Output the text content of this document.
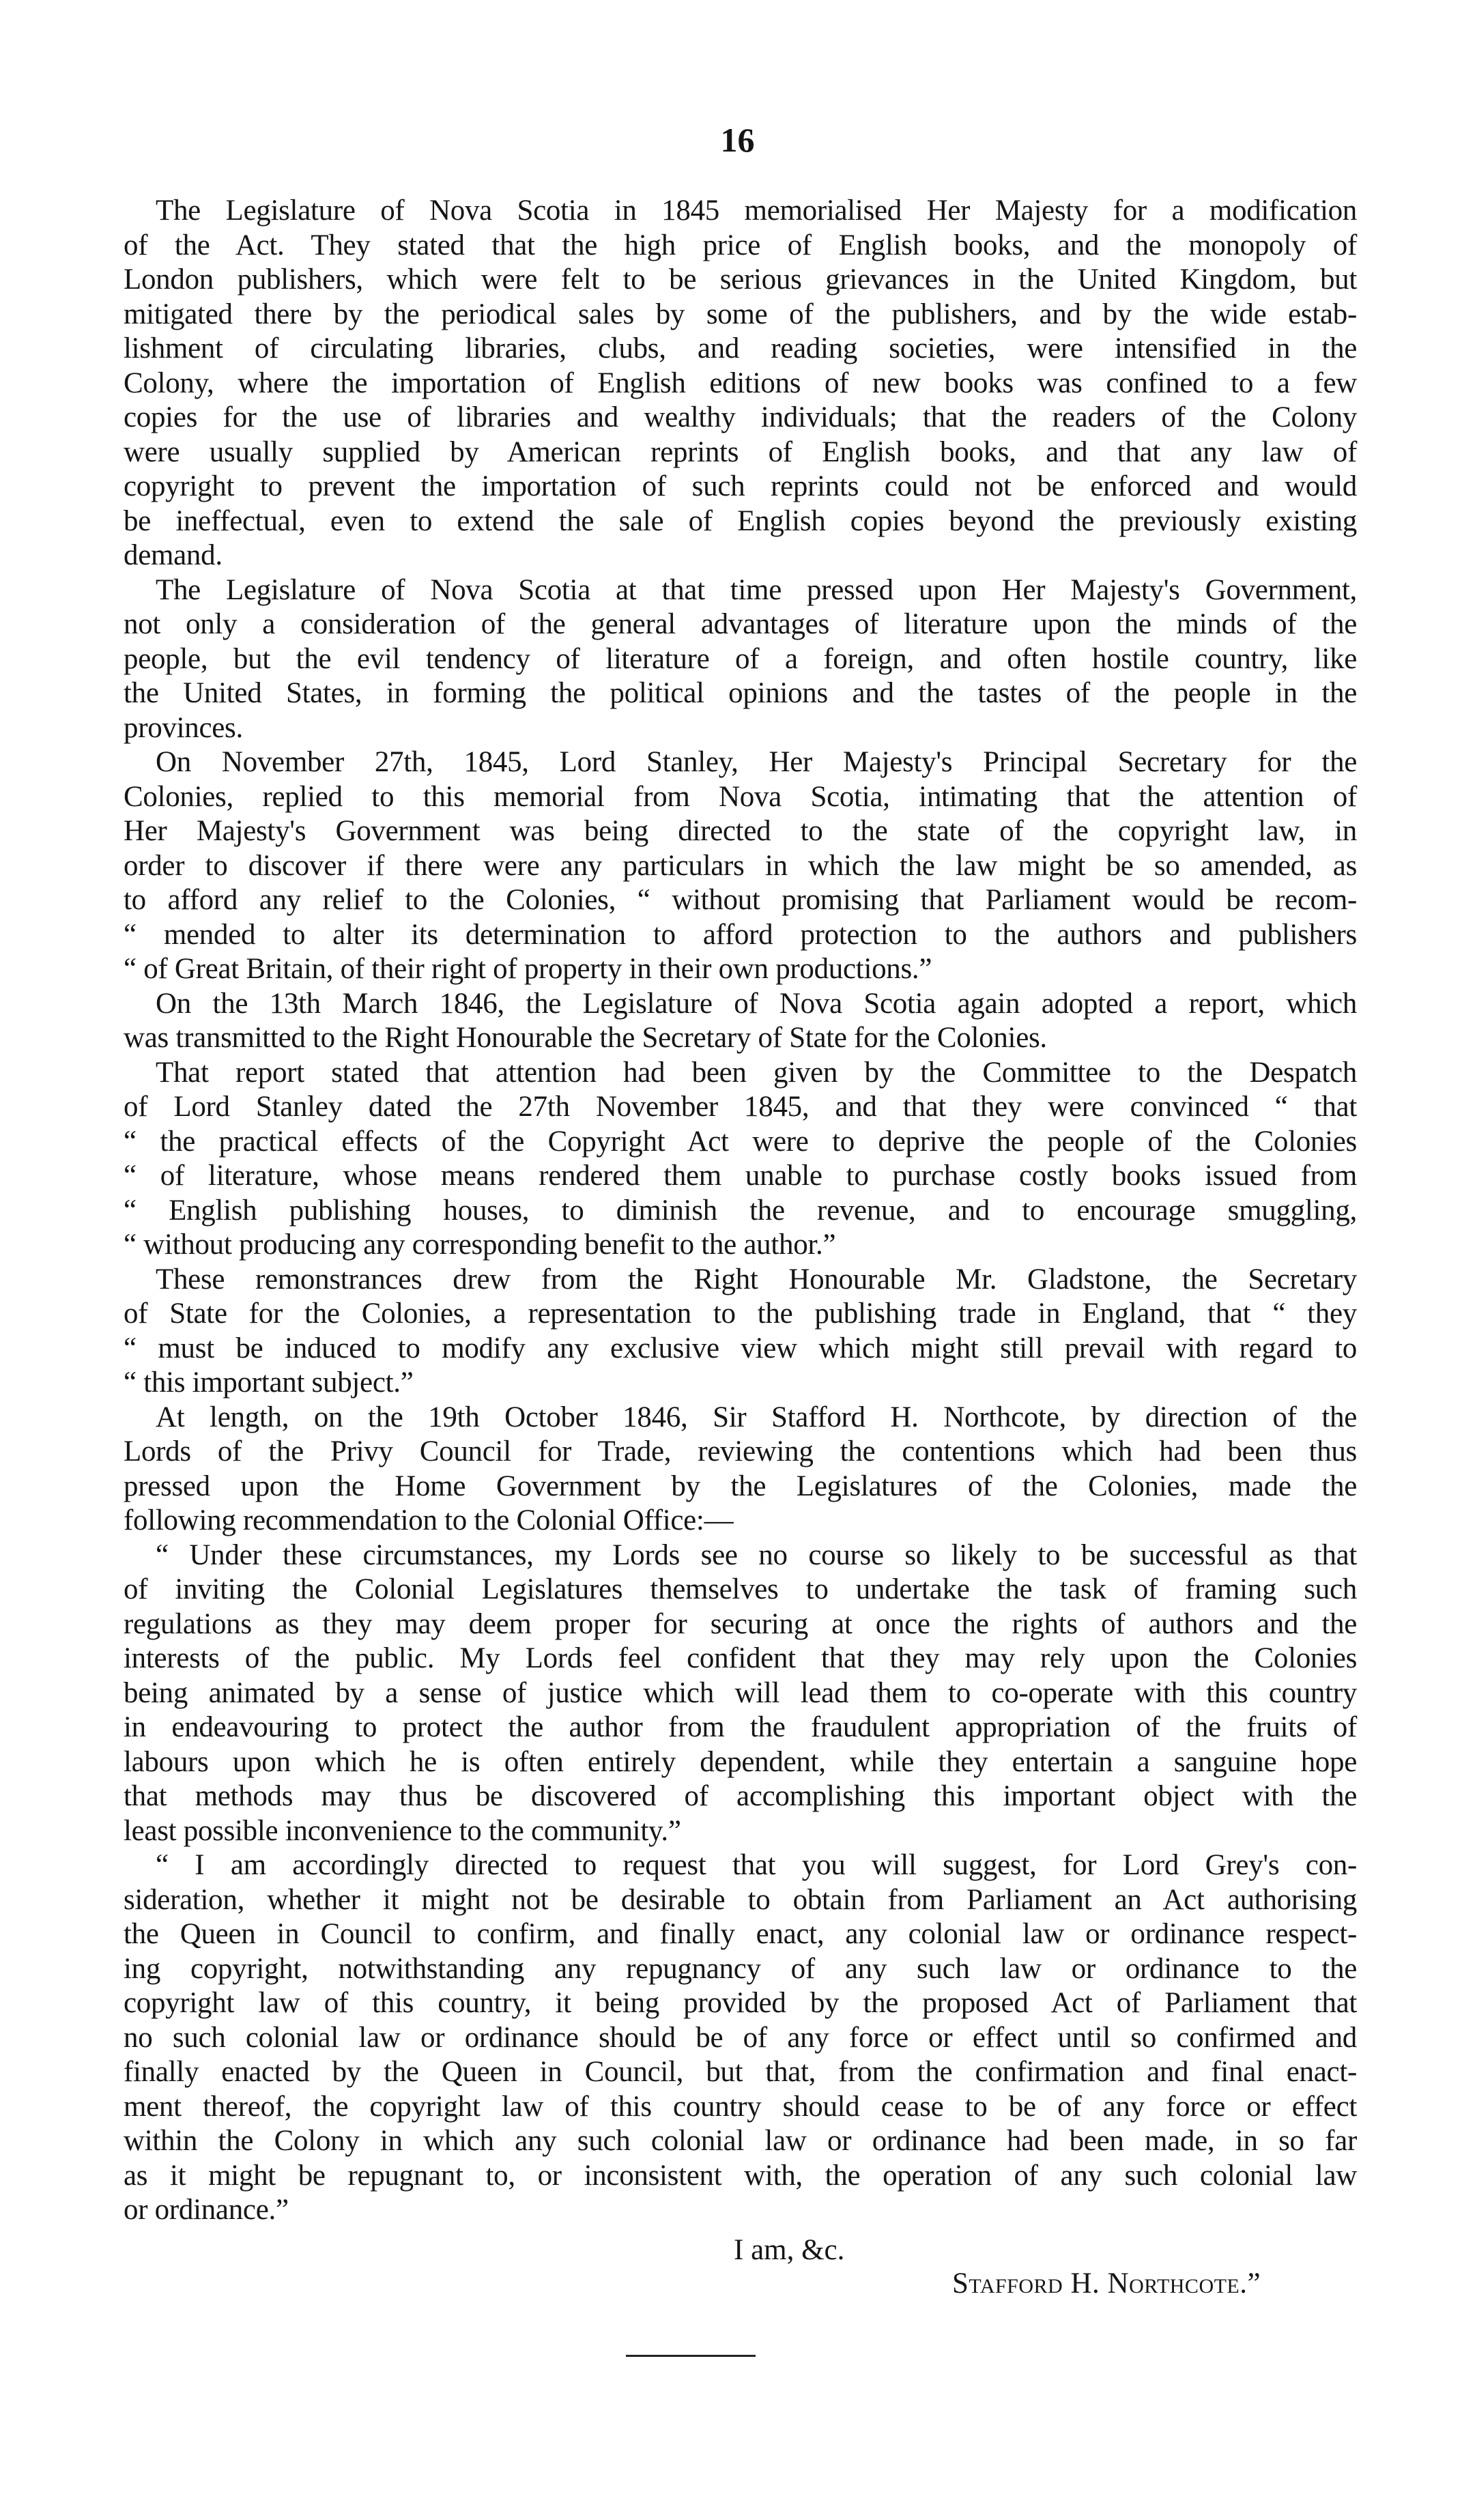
16
The Legislature of Nova Scotia in 1845 memorialised Her Majesty for a modification
of the Act. They stated that the high price of English books, and the monopoly of
London publishers, which were felt to be serious grievances in the United Kingdom, but
mitigated there by the periodical sales by some of the publishers, and by the wide estab-
lishment of circulating libraries, clubs, and reading societies, were intensified in the
Colony, where the importation of English editions of new books was confined to a few
copies for the use of libraries and wealthy individuals; that the readers of the Colony
were usually supplied by American reprints of English books, and that any law of
copyright to prevent the importation of such reprints could not be enforced and would
be ineffectual, even to extend the sale of English copies beyond the previously existing
demand.
The Legislature of Nova Scotia at that time pressed upon Her Majesty's Government,
not only a consideration of the general advantages of literature upon the minds of the
people, but the evil tendency of literature of a foreign, and often hostile country, like
the United States, in forming the political opinions and the tastes of the people in the
provinces.
On November 27th, 1845, Lord Stanley, Her Majesty's Principal Secretary for the
Colonies, replied to this memorial from Nova Scotia, intimating that the attention of
Her Majesty's Government was being directed to the state of the copyright law, in
order to discover if there were any particulars in which the law might be so amended, as
to afford any relief to the Colonies, “ without promising that Parliament would be recom-
“ mended to alter its determination to afford protection to the authors and publishers
“ of Great Britain, of their right of property in their own productions.”
On the 13th March 1846, the Legislature of Nova Scotia again adopted a report, which
was transmitted to the Right Honourable the Secretary of State for the Colonies.
That report stated that attention had been given by the Committee to the Despatch
of Lord Stanley dated the 27th November 1845, and that they were convinced “ that
“ the practical effects of the Copyright Act were to deprive the people of the Colonies
“ of literature, whose means rendered them unable to purchase costly books issued from
“ English publishing houses, to diminish the revenue, and to encourage smuggling,
“ without producing any corresponding benefit to the author.”
These remonstrances drew from the Right Honourable Mr. Gladstone, the Secretary
of State for the Colonies, a representation to the publishing trade in England, that “ they
“ must be induced to modify any exclusive view which might still prevail with regard to
“ this important subject.”
At length, on the 19th October 1846, Sir Stafford H. Northcote, by direction of the
Lords of the Privy Council for Trade, reviewing the contentions which had been thus
pressed upon the Home Government by the Legislatures of the Colonies, made the
following recommendation to the Colonial Office:—
“ Under these circumstances, my Lords see no course so likely to be successful as that
of inviting the Colonial Legislatures themselves to undertake the task of framing such
regulations as they may deem proper for securing at once the rights of authors and the
interests of the public. My Lords feel confident that they may rely upon the Colonies
being animated by a sense of justice which will lead them to co-operate with this country
in endeavouring to protect the author from the fraudulent appropriation of the fruits of
labours upon which he is often entirely dependent, while they entertain a sanguine hope
that methods may thus be discovered of accomplishing this important object with the
least possible inconvenience to the community.”
“ I am accordingly directed to request that you will suggest, for Lord Grey's con-
sideration, whether it might not be desirable to obtain from Parliament an Act authorising
the Queen in Council to confirm, and finally enact, any colonial law or ordinance respect-
ing copyright, notwithstanding any repugnancy of any such law or ordinance to the
copyright law of this country, it being provided by the proposed Act of Parliament that
no such colonial law or ordinance should be of any force or effect until so confirmed and
finally enacted by the Queen in Council, but that, from the confirmation and final enact-
ment thereof, the copyright law of this country should cease to be of any force or effect
within the Colony in which any such colonial law or ordinance had been made, in so far
as it might be repugnant to, or inconsistent with, the operation of any such colonial law
or ordinance.”
I am, &c.
Stafford H. Northcote.”
